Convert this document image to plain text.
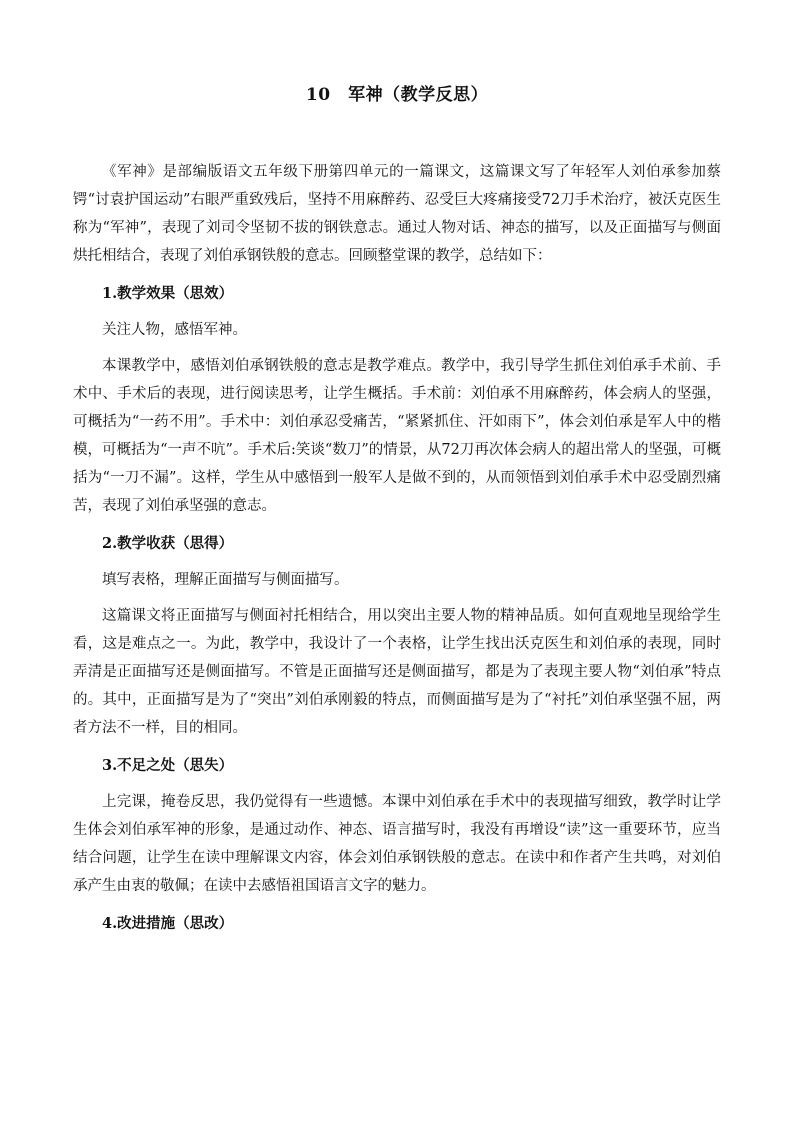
10　军神（教学反思）

《军神》是部编版语文五年级下册第四单元的一篇课文，这篇课文写了年轻军人刘伯承参加蔡锷“讨袁护国运动”右眼严重致残后，坚持不用麻醉药、忍受巨大疼痛接受72刀手术治疗，被沃克医生称为“军神”，表现了刘司令坚韧不拔的钢铁意志。通过人物对话、神态的描写，以及正面描写与侧面烘托相结合，表现了刘伯承钢铁般的意志。回顾整堂课的教学，总结如下：

1.教学效果（思效）

关注人物，感悟军神。

本课教学中，感悟刘伯承钢铁般的意志是教学难点。教学中，我引导学生抓住刘伯承手术前、手术中、手术后的表现，进行阅读思考，让学生概括。手术前：刘伯承不用麻醉药，体会病人的坚强，可概括为“一药不用”。手术中：刘伯承忍受痛苦，“紧紧抓住、汗如雨下”，体会刘伯承是军人中的楷模，可概括为“一声不吭”。手术后:笑谈“数刀”的情景，从72刀再次体会病人的超出常人的坚强，可概括为“一刀不漏”。这样，学生从中感悟到一般军人是做不到的，从而领悟到刘伯承手术中忍受剧烈痛苦，表现了刘伯承坚强的意志。

2.教学收获（思得）

填写表格，理解正面描写与侧面描写。

这篇课文将正面描写与侧面衬托相结合，用以突出主要人物的精神品质。如何直观地呈现给学生看，这是难点之一。为此，教学中，我设计了一个表格，让学生找出沃克医生和刘伯承的表现，同时弄清是正面描写还是侧面描写。不管是正面描写还是侧面描写，都是为了表现主要人物“刘伯承”特点的。其中，正面描写是为了“突出”刘伯承刚毅的特点，而侧面描写是为了“衬托”刘伯承坚强不屈，两者方法不一样，目的相同。

3.不足之处（思失）

上完课，掩卷反思，我仍觉得有一些遗憾。本课中刘伯承在手术中的表现描写细致，教学时让学生体会刘伯承军神的形象，是通过动作、神态、语言描写时，我没有再增设“读”这一重要环节，应当结合问题，让学生在读中理解课文内容，体会刘伯承钢铁般的意志。在读中和作者产生共鸣，对刘伯承产生由衷的敬佩；在读中去感悟祖国语言文字的魅力。

4.改进措施（思改）
